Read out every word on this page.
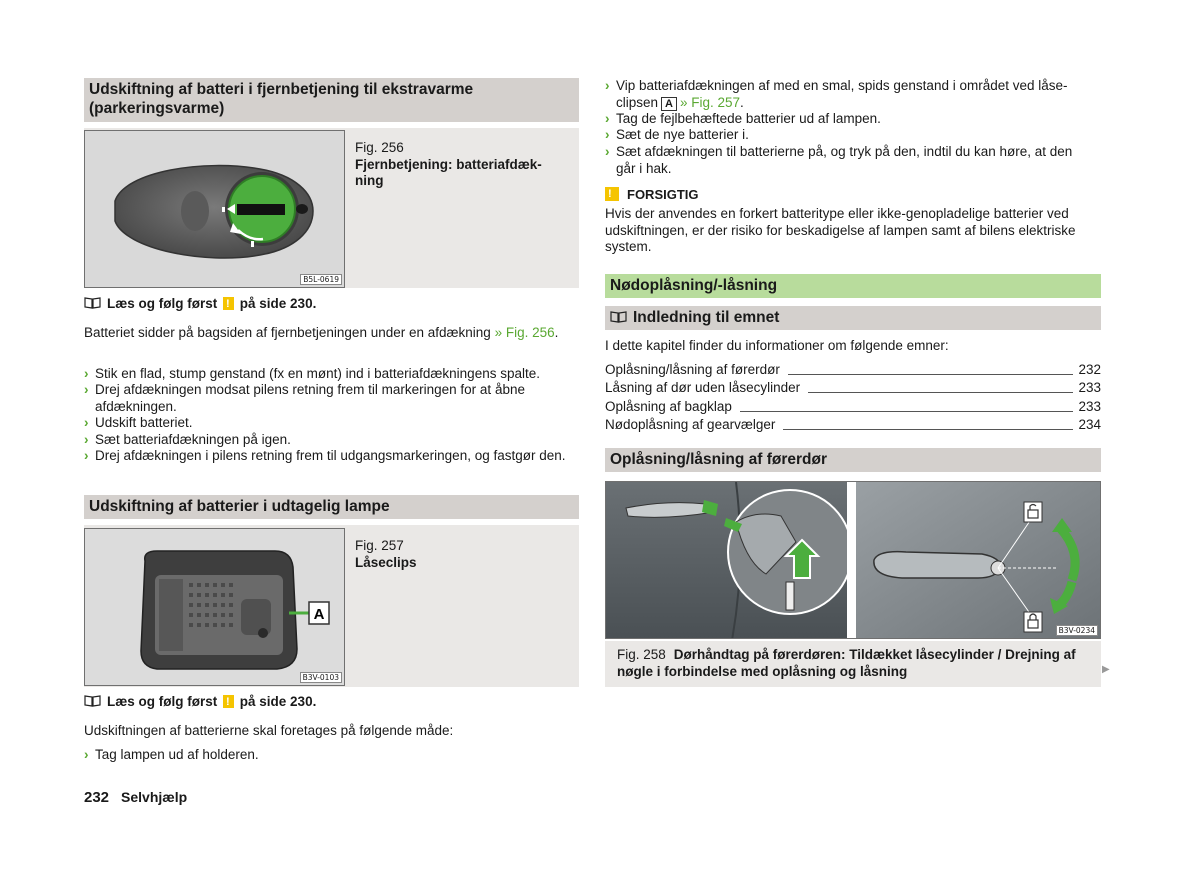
Udskiftning af batteri i fjernbetjening til ekstravarme (parkeringsvarme)
B5L-0619
Fig. 256
Fjernbetjening: batteriafdæk-ning
Læs og følg først ! på side 230.
Batteriet sidder på bagsiden af fjernbetjeningen under en afdækning » Fig. 256.
› Stik en flad, stump genstand (fx en mønt) ind i batteriafdækningens spalte.
› Drej afdækningen modsat pilens retning frem til markeringen for at åbne afdækningen.
› Udskift batteriet.
› Sæt batteriafdækningen på igen.
› Drej afdækningen i pilens retning frem til udgangsmarkeringen, og fastgør den.
Udskiftning af batterier i udtagelig lampe
A
B3V-0103
Fig. 257
Låseclips
Læs og følg først ! på side 230.
Udskiftningen af batterierne skal foretages på følgende måde:
› Tag lampen ud af holderen.
232 Selvhjælp
› Vip batteriafdækningen af med en smal, spids genstand i området ved låse-clipsen A » Fig. 257.
› Tag de fejlbehæftede batterier ud af lampen.
› Sæt de nye batterier i.
› Sæt afdækningen til batterierne på, og tryk på den, indtil du kan høre, at den går i hak.
!FORSIGTIG
Hvis der anvendes en forkert batteritype eller ikke-genopladelige batterier ved udskiftningen, er der risiko for beskadigelse af lampen samt af bilens elektriske system.
Nødoplåsning/-låsning
Indledning til emnet
I dette kapitel finder du informationer om følgende emner:
Oplåsning/låsning af førerdør	232
Låsning af dør uden låsecylinder	233
Oplåsning af bagklap	233
Nødoplåsning af gearvælger	234
Oplåsning/låsning af førerdør
B3V-0234
Fig. 258 Dørhåndtag på førerdøren: Tildækket låsecylinder / Drejning af nøgle i forbindelse med oplåsning og låsning	▶
